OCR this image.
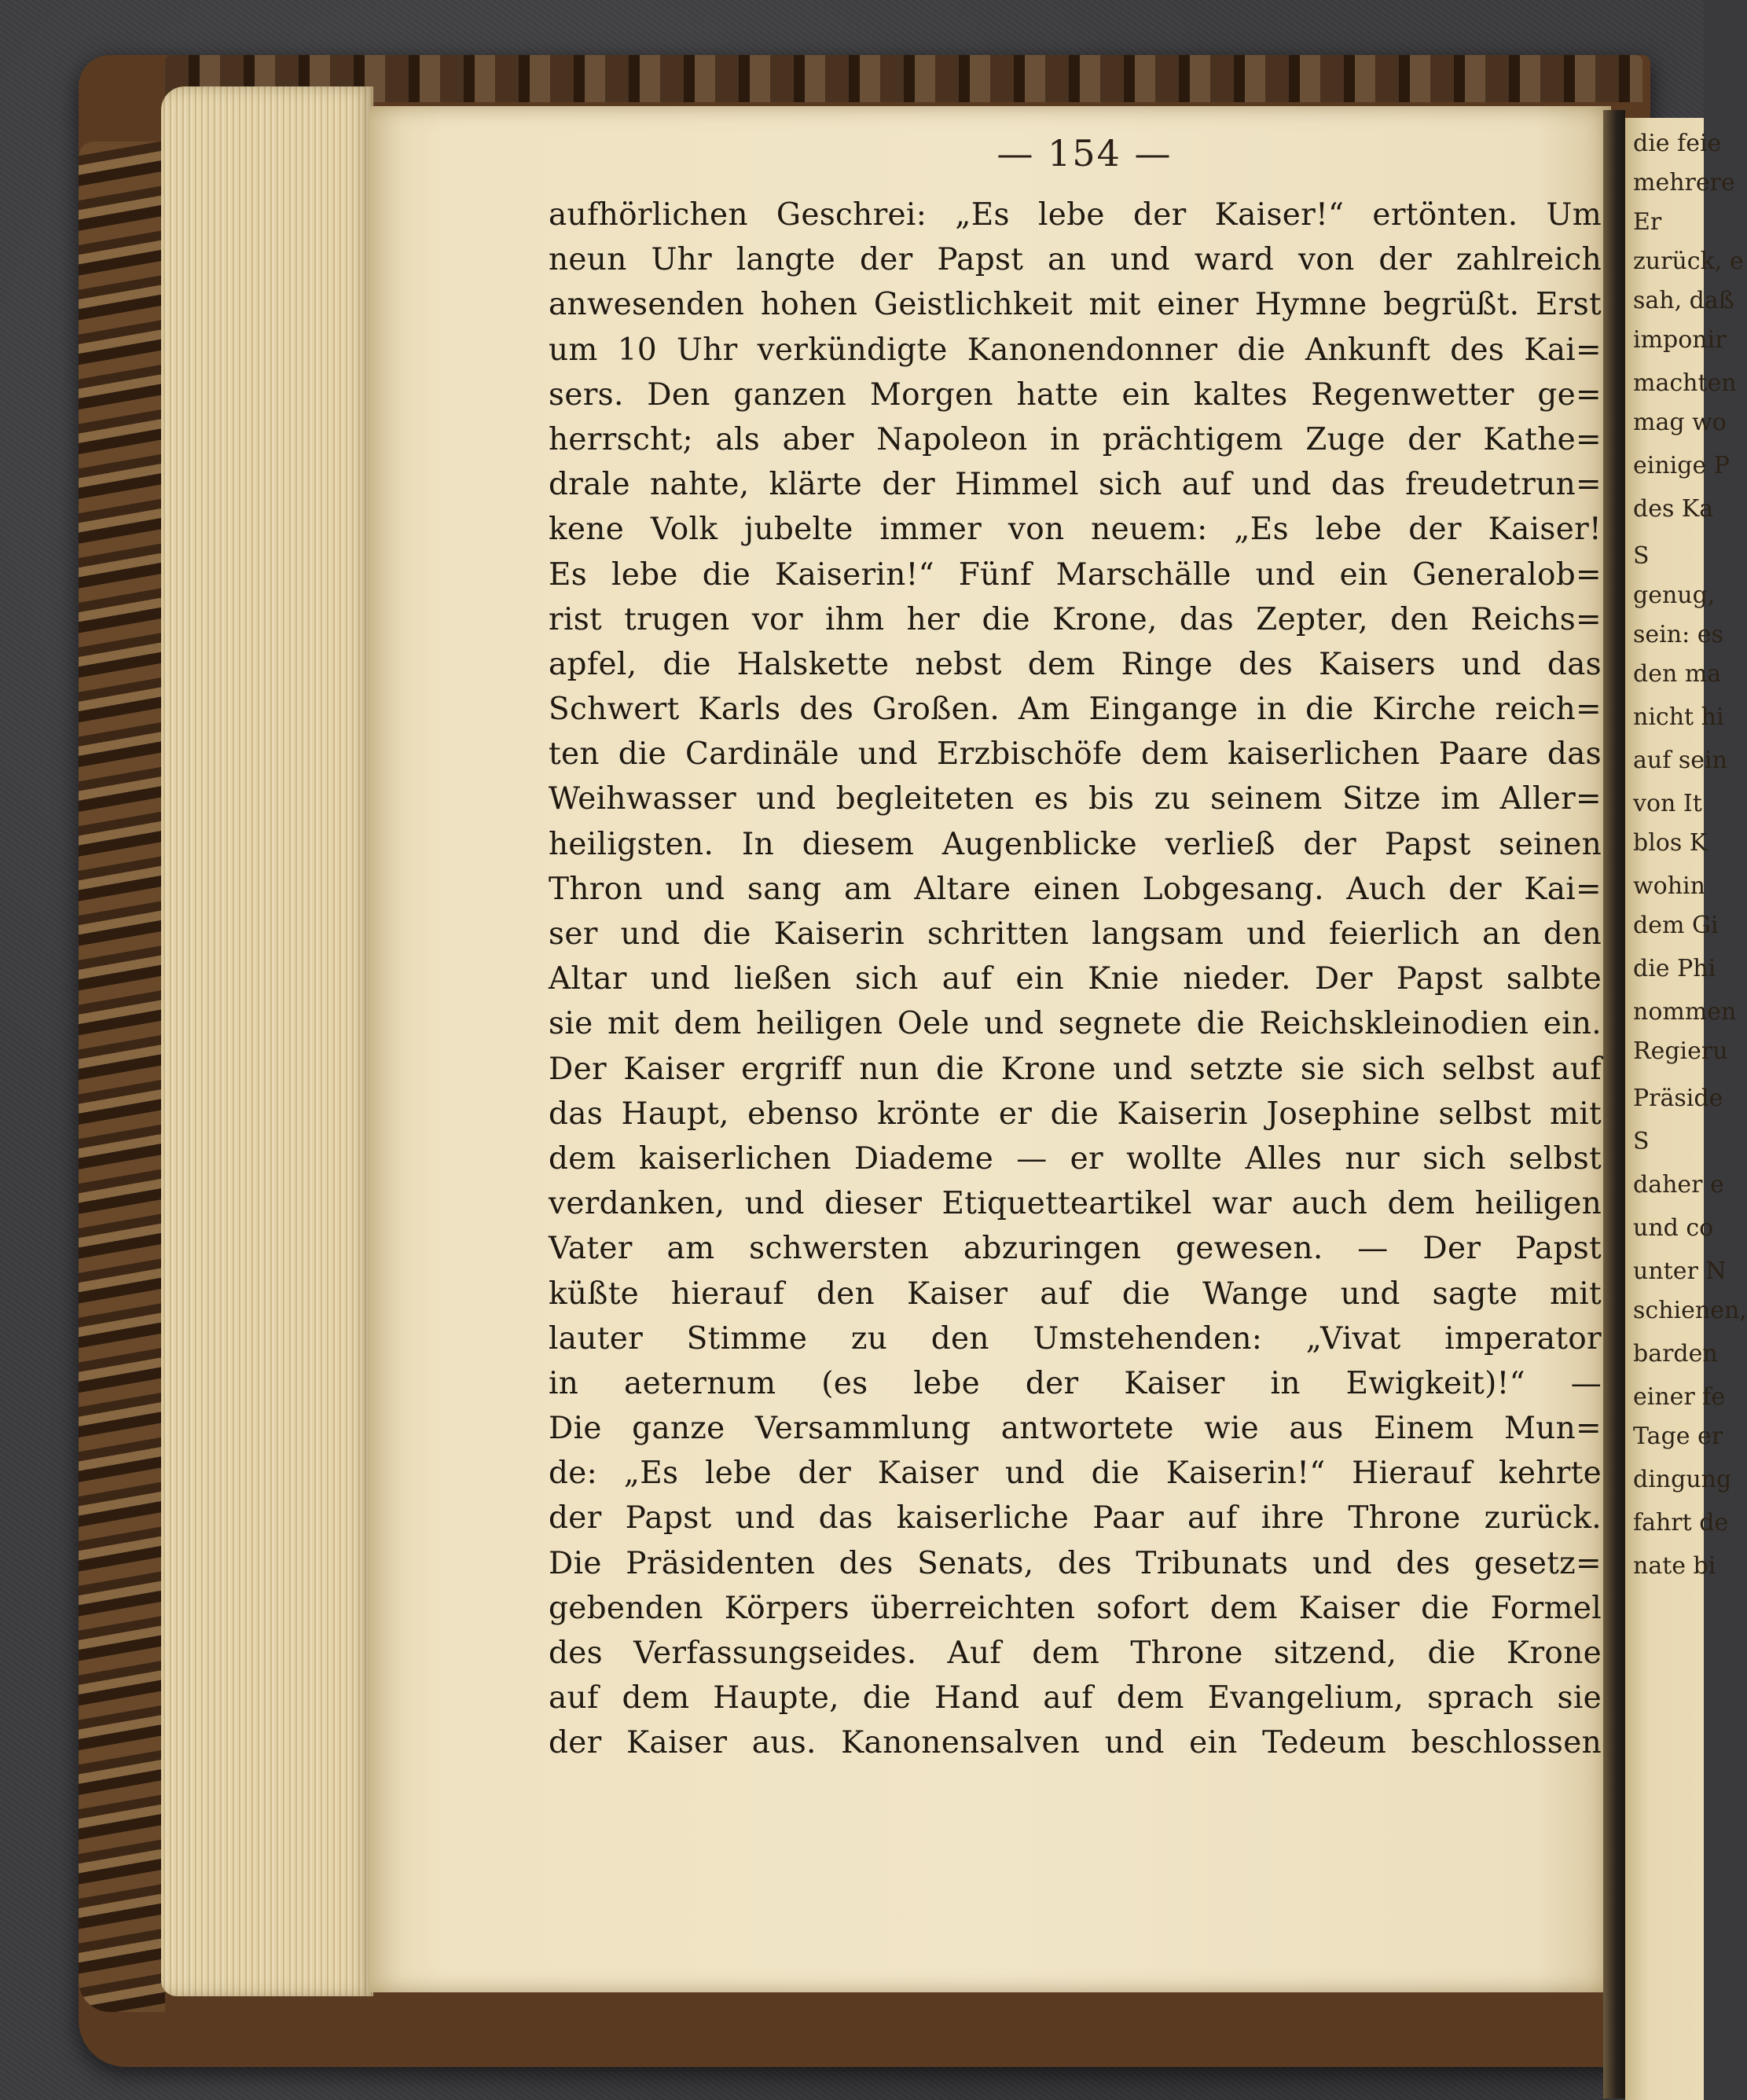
— 154 —
aufhörlichen Geschrei: „Es lebe der Kaiser!“ ertönten. Um
neun Uhr langte der Papst an und ward von der zahlreich
anwesenden hohen Geistlichkeit mit einer Hymne begrüßt. Erst
um 10 Uhr verkündigte Kanonendonner die Ankunft des Kai=
sers. Den ganzen Morgen hatte ein kaltes Regenwetter ge=
herrscht; als aber Napoleon in prächtigem Zuge der Kathe=
drale nahte, klärte der Himmel sich auf und das freudetrun=
kene Volk jubelte immer von neuem: „Es lebe der Kaiser!
Es lebe die Kaiserin!“ Fünf Marschälle und ein Generalob=
rist trugen vor ihm her die Krone, das Zepter, den Reichs=
apfel, die Halskette nebst dem Ringe des Kaisers und das
Schwert Karls des Großen. Am Eingange in die Kirche reich=
ten die Cardinäle und Erzbischöfe dem kaiserlichen Paare das
Weihwasser und begleiteten es bis zu seinem Sitze im Aller=
heiligsten. In diesem Augenblicke verließ der Papst seinen
Thron und sang am Altare einen Lobgesang. Auch der Kai=
ser und die Kaiserin schritten langsam und feierlich an den
Altar und ließen sich auf ein Knie nieder. Der Papst salbte
sie mit dem heiligen Oele und segnete die Reichskleinodien ein.
Der Kaiser ergriff nun die Krone und setzte sie sich selbst auf
das Haupt, ebenso krönte er die Kaiserin Josephine selbst mit
dem kaiserlichen Diademe — er wollte Alles nur sich selbst
verdanken, und dieser Etiquetteartikel war auch dem heiligen
Vater am schwersten abzuringen gewesen. — Der Papst
küßte hierauf den Kaiser auf die Wange und sagte mit
lauter Stimme zu den Umstehenden: „Vivat imperator
in aeternum (es lebe der Kaiser in Ewigkeit)!“ —
Die ganze Versammlung antwortete wie aus Einem Mun=
de: „Es lebe der Kaiser und die Kaiserin!“ Hierauf kehrte
der Papst und das kaiserliche Paar auf ihre Throne zurück.
Die Präsidenten des Senats, des Tribunats und des gesetz=
gebenden Körpers überreichten sofort dem Kaiser die Formel
des Verfassungseides. Auf dem Throne sitzend, die Krone
auf dem Haupte, die Hand auf dem Evangelium, sprach sie
der Kaiser aus. Kanonensalven und ein Tedeum beschlossen
die feie
mehrere
Er
zurück, e
sah, daß
imponir
machten
mag wo
einige P
des Ka
S
genug,
sein: es
den ma
nicht hi
auf sein
von It
blos K
wohin
dem Gi
die Phi
nommen
Regieru
Präside
S
daher e
und co
unter N
schienen,
barden
einer fe
Tage er
dingung
fahrt de
nate bi
